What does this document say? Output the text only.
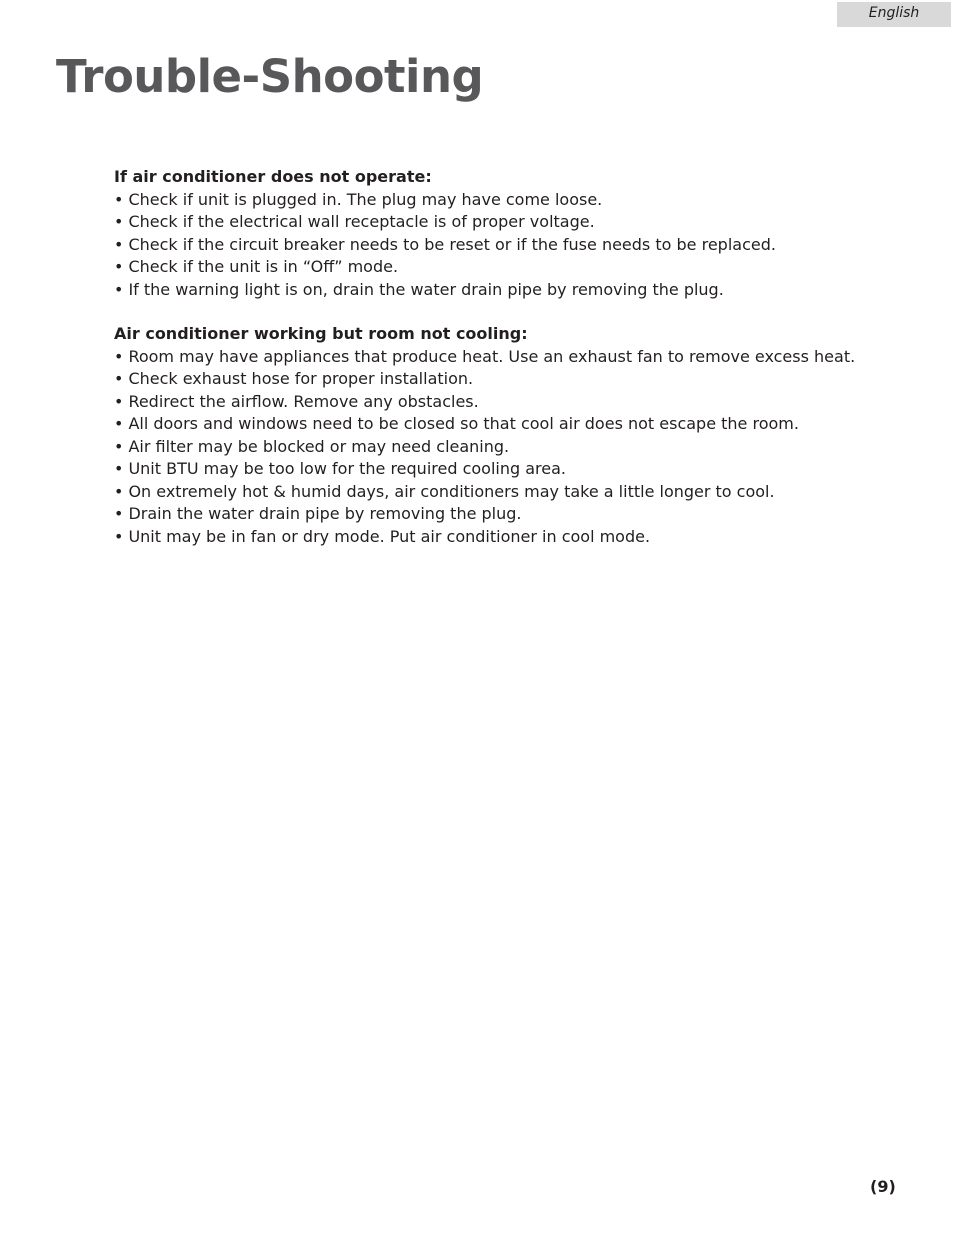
English
Trouble-Shooting

If air conditioner does not operate:

• Check if unit is plugged in. The plug may have come loose.
• Check if the electrical wall receptacle is of proper voltage.
• Check if the circuit breaker needs to be reset or if the fuse needs to be replaced.
• Check if the unit is in “Off” mode.
• If the warning light is on, drain the water drain pipe by removing the plug.

Air conditioner working but room not cooling:

• Room may have appliances that produce heat. Use an exhaust fan to remove excess heat.
• Check exhaust hose for proper installation.
• Redirect the airflow. Remove any obstacles.
• All doors and windows need to be closed so that cool air does not escape the room.
• Air filter may be blocked or may need cleaning.
• Unit BTU may be too low for the required cooling area.
• On extremely hot & humid days, air conditioners may take a little longer to cool.
• Drain the water drain pipe by removing the plug.
• Unit may be in fan or dry mode. Put air conditioner in cool mode.
(9)
